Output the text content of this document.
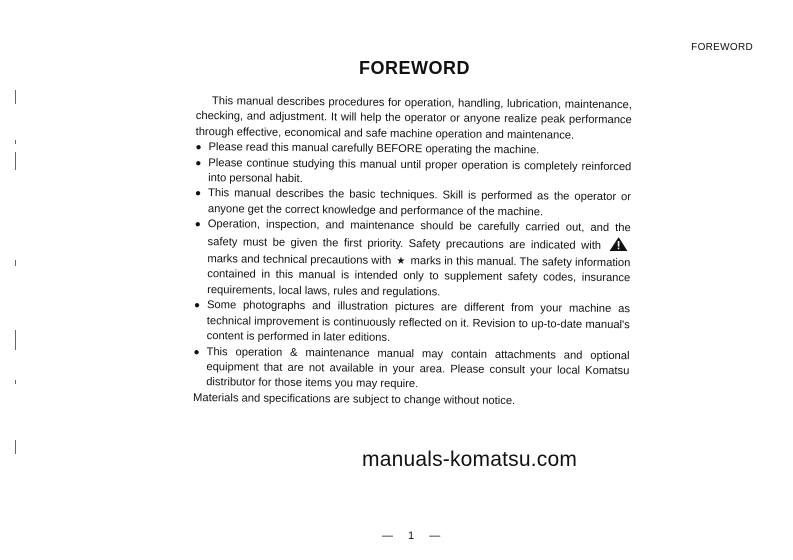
FOREWORD
FOREWORD

This manual describes procedures for operation, handling, lubrication, maintenance, checking, and adjustment. It will help the operator or anyone realize peak performance through effective, economical and safe machine operation and maintenance.

● Please read this manual carefully BEFORE operating the machine.
● Please continue studying this manual until proper operation is completely reinforced into personal habit.
● This manual describes the basic techniques. Skill is performed as the operator or anyone get the correct knowledge and performance of the machine.
● Operation, inspection, and maintenance should be carefully carried out, and the safety must be given the first priority. Safety precautions are indicated with  marks and technical precautions with ★ marks in this manual. The safety information contained in this manual is intended only to supplement safety codes, insurance requirements, local laws, rules and regulations.
● Some photographs and illustration pictures are different from your machine as technical improvement is continuously reflected on it. Revision to up-to-date manual's content is performed in later editions.
● This operation & maintenance manual may contain attachments and optional equipment that are not available in your area. Please consult your local Komatsu distributor for those items you may require.

Materials and specifications are subject to change without notice.

manuals-komatsu.com
— 1 —
